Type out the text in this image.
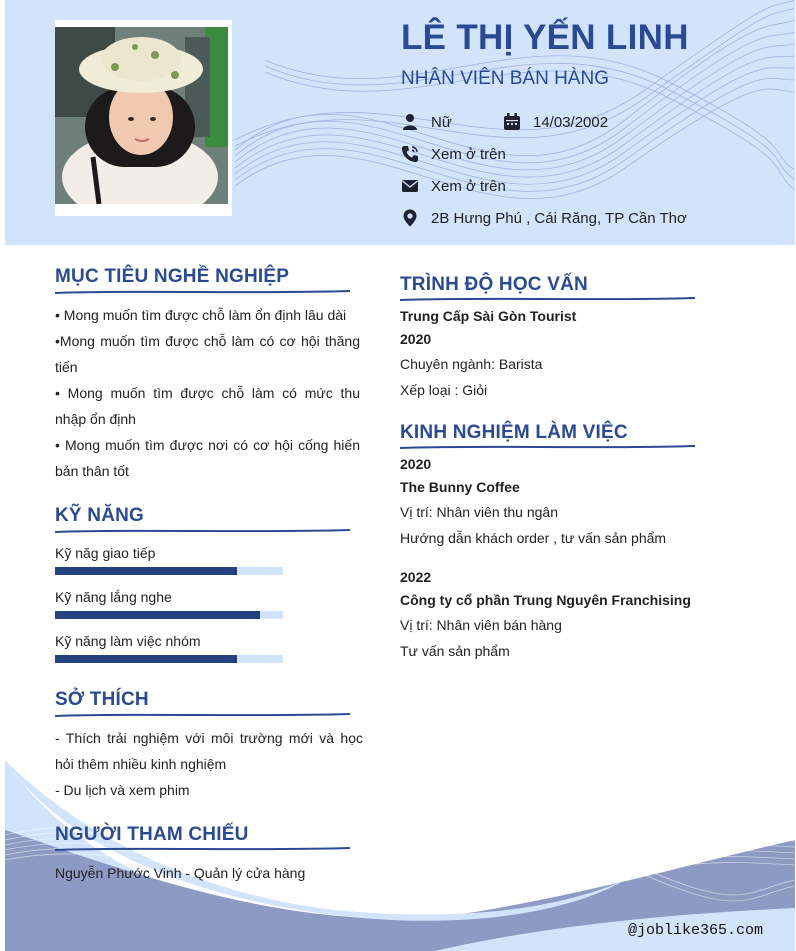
LÊ THỊ YẾN LINH
NHÂN VIÊN BÁN HÀNG
Nữ	14/03/2002
Xem ở trên
Xem ở trên
2B Hưng Phú , Cái Răng, TP Cần Thơ
MỤC TIÊU NGHỀ NGHIỆP
• Mong muốn tìm được chỗ làm ổn định lâu dài
•Mong muốn tìm được chỗ làm có cơ hội thăng tiến
• Mong muốn tìm được chỗ làm có mức thu nhập ổn định
• Mong muốn tìm được nơi có cơ hội cống hiến bản thân tốt
KỸ NĂNG
Kỹ năg giao tiếp
Kỹ năng lắng nghe
Kỹ năng làm việc nhóm
SỞ THÍCH
- Thích trải nghiệm với môi trường mới và học hỏi thêm nhiều kinh nghiệm
- Du lịch và xem phim
NGƯỜI THAM CHIẾU
Nguyễn Phước Vinh - Quản lý cửa hàng
TRÌNH ĐỘ HỌC VẤN
Trung Cấp Sài Gòn Tourist
2020
Chuyên ngành: Barista
Xếp loại : Giỏi
KINH NGHIỆM LÀM VIỆC
2020
The Bunny Coffee
Vị trí: Nhân viên thu ngân
Hướng dẫn khách order , tư vấn sản phẩm
2022
Công ty cổ phần Trung Nguyên Franchising
Vị trí: Nhân viên bán hàng
Tư vấn sản phẩm
@joblike365.com
